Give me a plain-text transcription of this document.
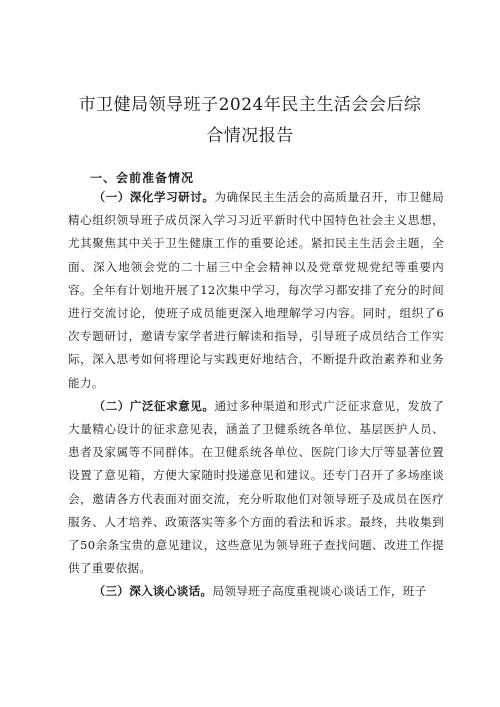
市卫健局领导班子2024年民主生活会会后综
合情况报告
一、会前准备情况

（一）深化学习研讨。为确保民主生活会的高质量召开，市卫健局精心组织领导班子成员深入学习习近平新时代中国特色社会主义思想，尤其聚焦其中关于卫生健康工作的重要论述。紧扣民主生活会主题，全面、深入地领会党的二十届三中全会精神以及党章党规党纪等重要内容。全年有计划地开展了12次集中学习，每次学习都安排了充分的时间进行交流讨论，使班子成员能更深入地理解学习内容。同时，组织了6次专题研讨，邀请专家学者进行解读和指导，引导班子成员结合工作实际，深入思考如何将理论与实践更好地结合，不断提升政治素养和业务能力。

（二）广泛征求意见。通过多种渠道和形式广泛征求意见，发放了大量精心设计的征求意见表，涵盖了卫健系统各单位、基层医护人员、患者及家属等不同群体。在卫健系统各单位、医院门诊大厅等显著位置设置了意见箱，方便大家随时投递意见和建议。还专门召开了多场座谈会，邀请各方代表面对面交流，充分听取他们对领导班子及成员在医疗服务、人才培养、政策落实等多个方面的看法和诉求。最终，共收集到了50余条宝贵的意见建议，这些意见为领导班子查找问题、改进工作提供了重要依据。

（三）深入谈心谈话。局领导班子高度重视谈心谈话工作，班子
